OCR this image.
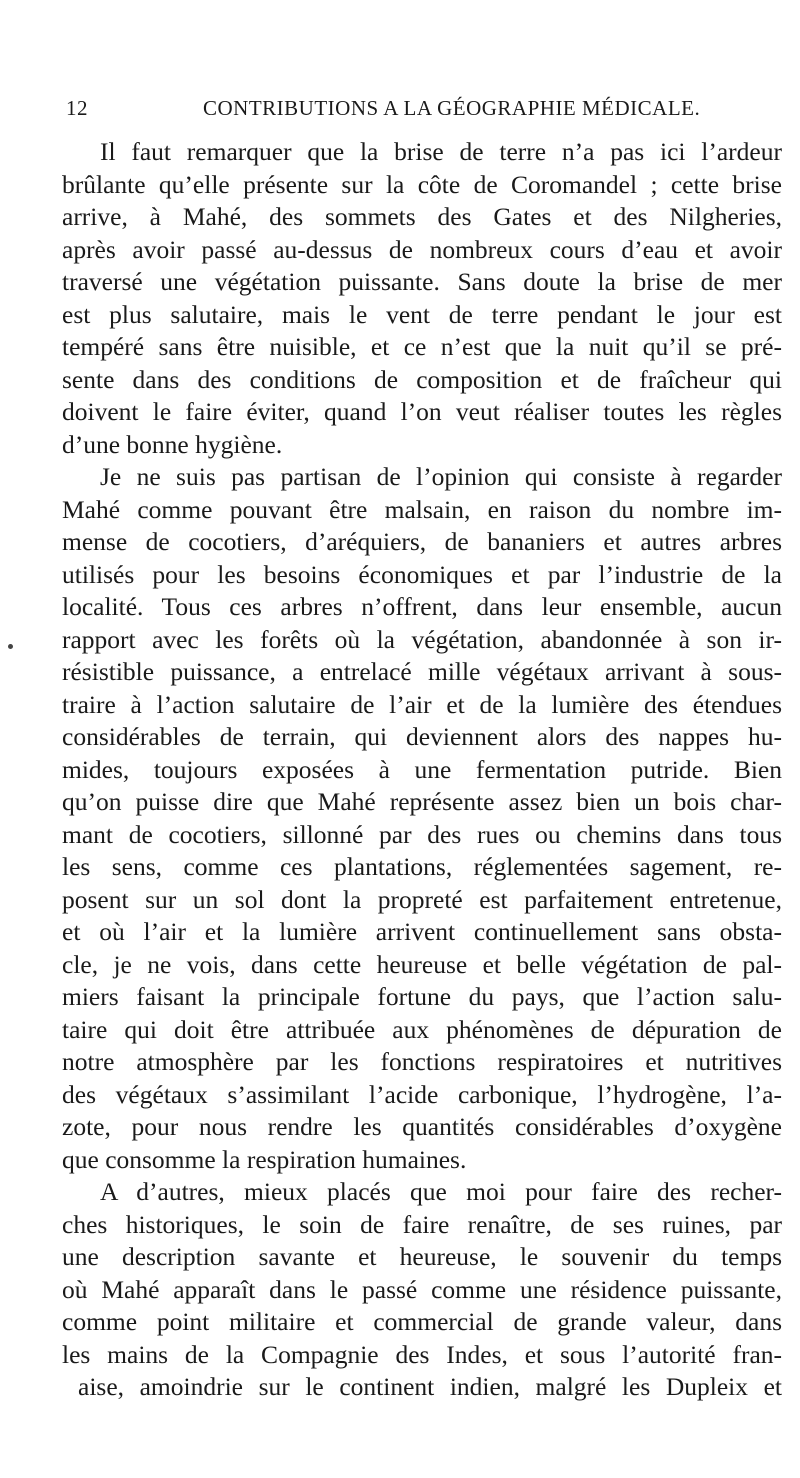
12	CONTRIBUTIONS A LA GÉOGRAPHIE MÉDICALE.
Il faut remarquer que la brise de terre n’a pas ici l’ardeur
brûlante qu’elle présente sur la côte de Coromandel ; cette brise
arrive, à Mahé, des sommets des Gates et des Nilgheries,
après avoir passé au-dessus de nombreux cours d’eau et avoir
traversé une végétation puissante. Sans doute la brise de mer
est plus salutaire, mais le vent de terre pendant le jour est
tempéré sans être nuisible, et ce n’est que la nuit qu’il se pré-
sente dans des conditions de composition et de fraîcheur qui
doivent le faire éviter, quand l’on veut réaliser toutes les règles
d’une bonne hygiène.
Je ne suis pas partisan de l’opinion qui consiste à regarder
Mahé comme pouvant être malsain, en raison du nombre im-
mense de cocotiers, d’aréquiers, de bananiers et autres arbres
utilisés pour les besoins économiques et par l’industrie de la
localité. Tous ces arbres n’offrent, dans leur ensemble, aucun
rapport avec les forêts où la végétation, abandonnée à son ir-
résistible puissance, a entrelacé mille végétaux arrivant à sous-
traire à l’action salutaire de l’air et de la lumière des étendues
considérables de terrain, qui deviennent alors des nappes hu-
mides, toujours exposées à une fermentation putride. Bien
qu’on puisse dire que Mahé représente assez bien un bois char-
mant de cocotiers, sillonné par des rues ou chemins dans tous
les sens, comme ces plantations, réglementées sagement, re-
posent sur un sol dont la propreté est parfaitement entretenue,
et où l’air et la lumière arrivent continuellement sans obsta-
cle, je ne vois, dans cette heureuse et belle végétation de pal-
miers faisant la principale fortune du pays, que l’action salu-
taire qui doit être attribuée aux phénomènes de dépuration de
notre atmosphère par les fonctions respiratoires et nutritives
des végétaux s’assimilant l’acide carbonique, l’hydrogène, l’a-
zote, pour nous rendre les quantités considérables d’oxygène
que consomme la respiration humaines.
A d’autres, mieux placés que moi pour faire des recher-
ches historiques, le soin de faire renaître, de ses ruines, par
une description savante et heureuse, le souvenir du temps
où Mahé apparaît dans le passé comme une résidence puissante,
comme point militaire et commercial de grande valeur, dans
les mains de la Compagnie des Indes, et sous l’autorité fran-
aise, amoindrie sur le continent indien, malgré les Dupleix et
